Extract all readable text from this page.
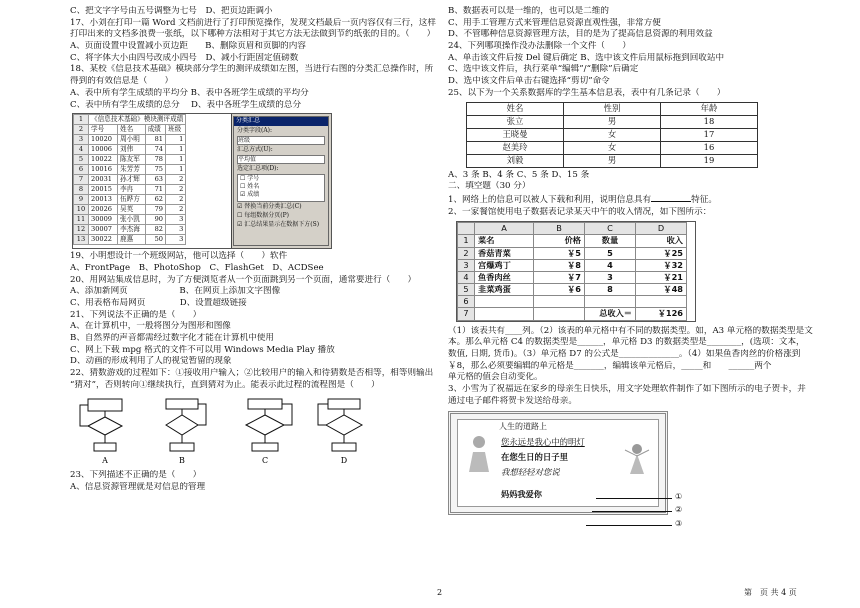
C、把文字字号由五号调整为七号　D、把页边距调小
17、小刘在打印一篇 Word 文档前进行了打印预览操作，发现文档最后一页内容仅有三行，这样
打印出来的文档多浪费一张纸，以下哪种方法相对于其它方法无法做到节约纸张的目的。（　　）
A、页面设置中设置减小页边距　　B、删除页眉和页脚的内容
C、将字体大小由四号改成小四号　D、减小行距固定值磅数
18、某校《信息技术基础》模块部分学生的测评成绩如左图，当进行右图的分类汇总操作时，所
得到的有效信息是（　　）
A、表中所有学生成绩的平均分 B、表中各班学生成绩的平均分
C、表中所有学生成绩的总分　 D、表中各班学生成绩的总分
1	《信息技术基础》模块测评成绩			
2	学号	姓名	成绩	班级
3	10020	周小明	81	1
4	10006	刘伟	74	1
5	10022	陈友军	78	1
6	10016	朱芳芳	75	1
7	20031	孙才辉	63	2
8	20015	李冉	71	2
9	20013	伍晔方	62	2
10	20026	吴英	79	2
11	30009	张小凯	90	3
12	30007	李杰海	82	3
13	30022	鹿惠	50	3
分类汇总
分类字段(A):
班级
汇总方式(U):
平均值
选定汇总项(D):
☐ 学号
☐ 姓名
☑ 成绩
☑ 替换当前分类汇总(C)
☐ 每组数据分页(P)
☑ 汇总结果显示在数据下方(S)
19、小明想设计一个班级网站，他可以选择（　　）软件
A、FrontPage　B、PhotoShop　C、FlashGet　D、ACDSee
20、用网站集成信息时，为了方便浏览者从一个页面跳到另一个页面，通常要进行（　　）
A、添加新网页　　　　　　B、在网页上添加文字图像
C、用表格布局网页　　　　D、设置超级链接
21、下列说法不正确的是（　　）
A、在计算机中，一般将图分为图形和图像
B、自然界的声音都需经过数字化才能在计算机中使用
C、网上下载 mpg 格式的文件不可以用 Windows Media Play 播放
D、动画的形成利用了人的视觉暂留的现象
22、猜数游戏的过程如下：①接收用户输入；②比较用户的输入和待猜数是否相等，相等则输出
“猜对”，否则转向①继续执行，直到猜对为止。能表示此过程的流程图是（　　）
A	B	C	D
23、下列描述不正确的是（　　）
A、信息资源管理就是对信息的管理
2
B、数据表可以是一维的，也可以是二维的
C、用手工管理方式来管理信息资源直观性强，非常方便
D、不管哪种信息资源管理方法，目的是为了提高信息资源的利用效益
24、下列哪项操作没办法删除一个文件（　　）
A、单击该文件后按 Del 键后确定 B、选中该文件后用鼠标拖到回收站中
C、选中该文件后，执行菜单“编辑”/“删除”后确定
D、选中该文件后单击右键选择“剪切”命令
25、以下为一个关系数据库的学生基本信息表，表中有几条记录（　　）
姓名	性别	年龄
张立	男	18
王晓曼	女	17
赵美玲	女	16
刘毅	男	19
A、3 条 B、4 条 C、5 条 D、15 条
二、填空题（30 分）
1、网络上的信息可以被人下载和利用，说明信息具有	特征。
2、一家餐馆使用电子数据表记录某天中午的收入情况，如下图所示：
	A	B	C	D
1	菜名	价格	数量	收入
2	香菇青菜	￥5	5	￥25
3	宫爆鸡丁	￥8	4	￥32
4	鱼香肉丝	￥7	3	￥21
5	韭菜鸡蛋	￥6	8	￥48
6				
7			总收入＝	￥126
（1）该表共有____列。（2）该表的单元格中有不同的数据类型。如，A3 单元格的数据类型是文
本。那么单元格 C4 的数据类型是______，单元格 D3 的数据类型是________，(选项：文本，
数值, 日期, 货币)。（3）单元格 D7 的公式是______________。（4）如果鱼香肉丝的价格涨到
￥8，那么必须要编辑的单元格是_______，编辑该单元格后，_____和　　______两个
单元格的值会自动变化。
3、小雪为了祝福远在家乡的母亲生日快乐，用文字处理软件制作了如下图所示的电子贺卡，并
通过电子邮件将贺卡发送给母亲。
人生的道路上
您永远是我心中的明灯
在您生日的日子里
我想轻轻对您说
妈妈我爱你	①
②
③
第　页 共 4 页
